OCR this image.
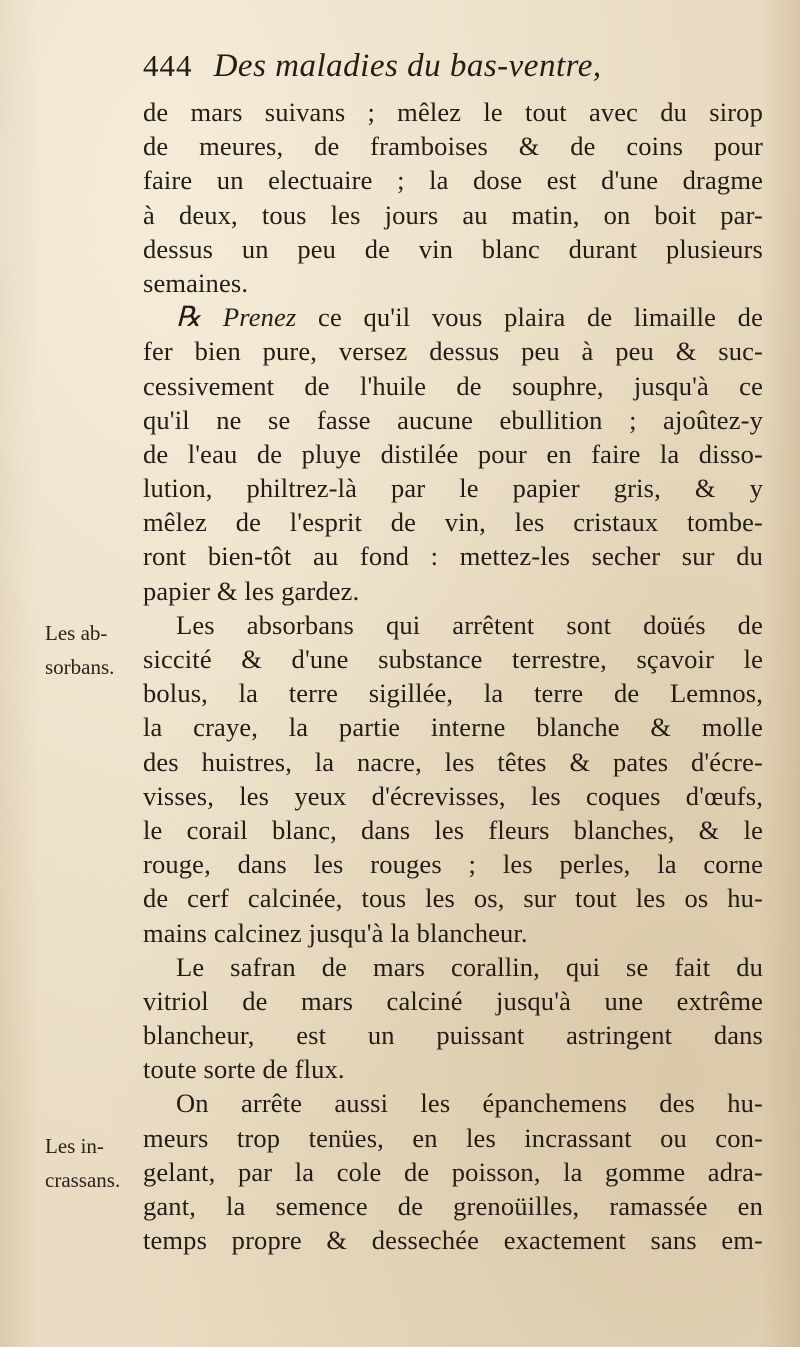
444 Des maladies du bas-ventre,
de mars suivans ; mêlez le tout avec du sirop
de meures, de framboises & de coins pour
faire un electuaire ; la dose est d'une dragme
à deux, tous les jours au matin, on boit par-
dessus un peu de vin blanc durant plusieurs
semaines.
℞ Prenez ce qu'il vous plaira de limaille de
fer bien pure, versez dessus peu à peu & suc-
cessivement de l'huile de souphre, jusqu'à ce
qu'il ne se fasse aucune ebullition ; ajoûtez-y
de l'eau de pluye distilée pour en faire la disso-
lution, philtrez-là par le papier gris, & y
mêlez de l'esprit de vin, les cristaux tombe-
ront bien-tôt au fond : mettez-les secher sur du
papier & les gardez.
Les absorbans qui arrêtent sont doüés de
siccité & d'une substance terrestre, sçavoir le
bolus, la terre sigillée, la terre de Lemnos,
la craye, la partie interne blanche & molle
des huistres, la nacre, les têtes & pates d'écre-
visses, les yeux d'écrevisses, les coques d'œufs,
le corail blanc, dans les fleurs blanches, & le
rouge, dans les rouges ; les perles, la corne
de cerf calcinée, tous les os, sur tout les os hu-
mains calcinez jusqu'à la blancheur.
Le safran de mars corallin, qui se fait du
vitriol de mars calciné jusqu'à une extrême
blancheur, est un puissant astringent dans
toute sorte de flux.
On arrête aussi les épanchemens des hu-
meurs trop tenües, en les incrassant ou con-
gelant, par la cole de poisson, la gomme adra-
gant, la semence de grenoüilles, ramassée en
temps propre & dessechée exactement sans em-
Les ab-
sorbans.
Les in-
crassans.
